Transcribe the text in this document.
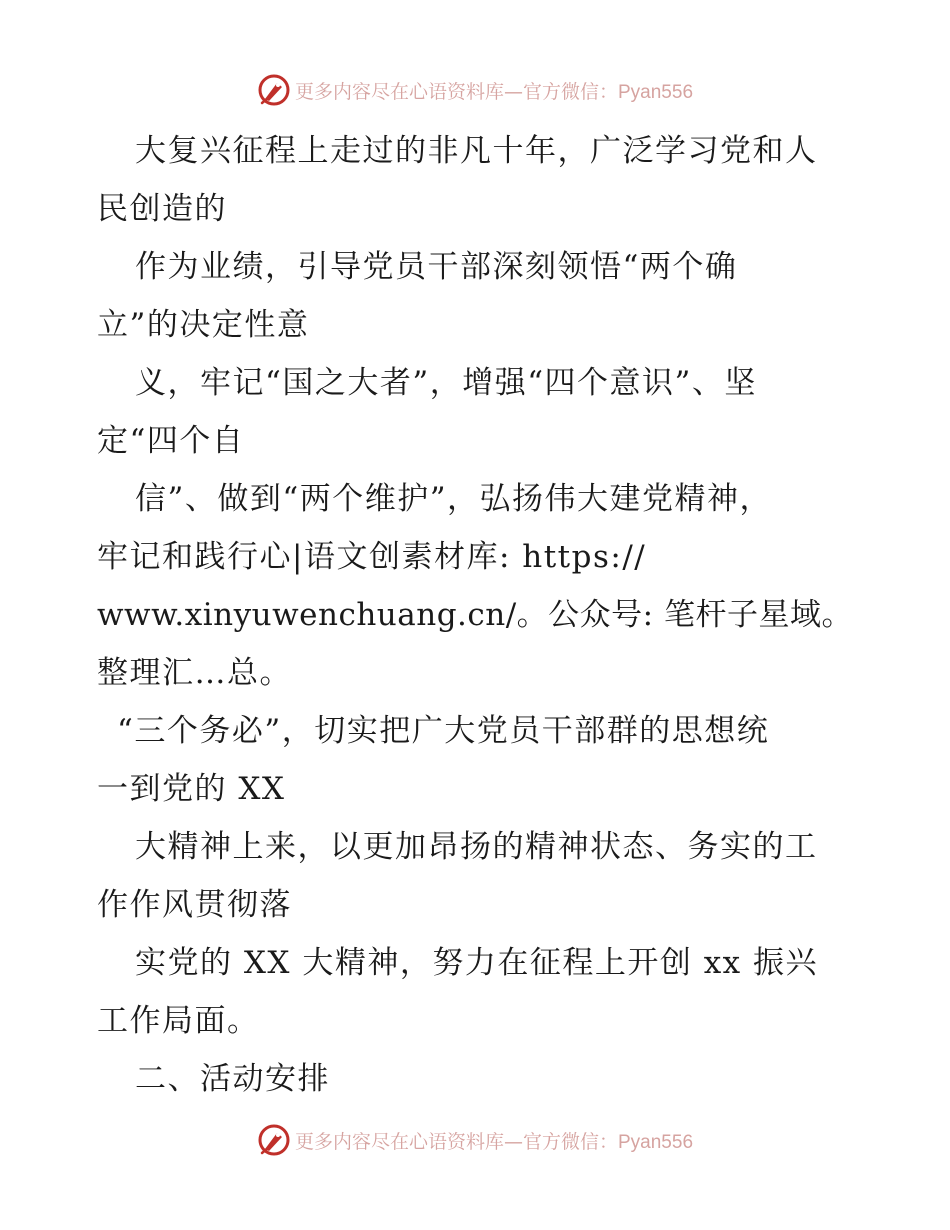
更多内容尽在心语资料库—官方微信：Pyan556
大复兴征程上走过的非凡十年，广泛学习党和人
民创造的
作为业绩，引导党员干部深刻领悟“两个确
立”的决定性意
义，牢记“国之大者”，增强“四个意识”、坚
定“四个自
信”、做到“两个维护”，弘扬伟大建党精神，
牢记和践行心|语文创素材库: https://
www.xinyuwenchuang.cn/。公众号: 笔杆子星域。
整理汇…总。
“三个务必”，切实把广大党员干部群的思想统
一到党的 XX
大精神上来，以更加昂扬的精神状态、务实的工
作作风贯彻落
实党的 XX 大精神，努力在征程上开创 xx 振兴
工作局面。
二、活动安排
更多内容尽在心语资料库—官方微信：Pyan556
